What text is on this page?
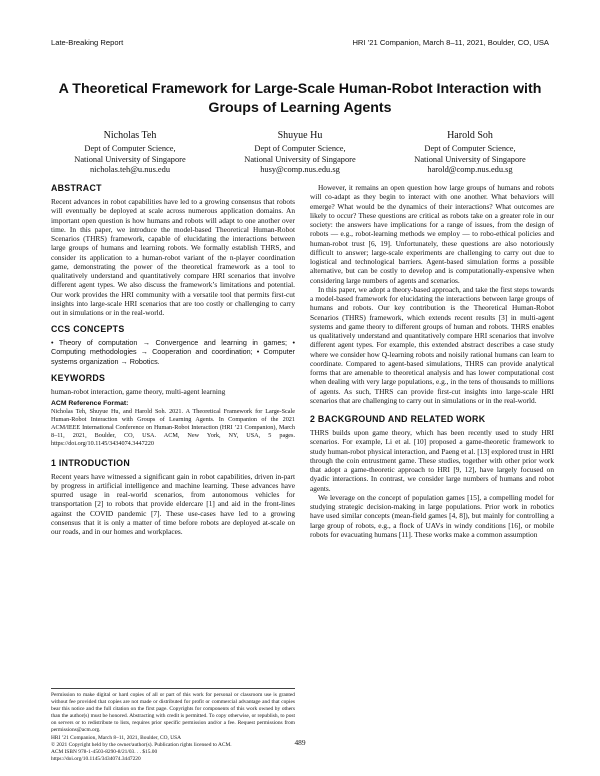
Late-Breaking Report	HRI ’21 Companion, March 8–11, 2021, Boulder, CO, USA
A Theoretical Framework for Large-Scale Human-Robot Interaction with Groups of Learning Agents
Nicholas Teh
Dept of Computer Science,
National University of Singapore
nicholas.teh@u.nus.edu
Shuyue Hu
Dept of Computer Science,
National University of Singapore
husy@comp.nus.edu.sg
Harold Soh
Dept of Computer Science,
National University of Singapore
harold@comp.nus.edu.sg
ABSTRACT

Recent advances in robot capabilities have led to a growing consensus that robots will eventually be deployed at scale across numerous application domains. An important open question is how humans and robots will adapt to one another over time. In this paper, we introduce the model-based Theoretical Human-Robot Scenarios (THRS) framework, capable of elucidating the interactions between large groups of humans and learning robots. We formally establish THRS, and consider its application to a human-robot variant of the n-player coordination game, demonstrating the power of the theoretical framework as a tool to qualitatively understand and quantitatively compare HRI scenarios that involve different agent types. We also discuss the framework’s limitations and potential. Our work provides the HRI community with a versatile tool that permits first-cut insights into large-scale HRI scenarios that are too costly or challenging to carry out in simulations or in the real-world.

CCS CONCEPTS

• Theory of computation → Convergence and learning in games; • Computing methodologies → Cooperation and coordination; • Computer systems organization → Robotics.

KEYWORDS

human-robot interaction, game theory, multi-agent learning

ACM Reference Format:

Nicholas Teh, Shuyue Hu, and Harold Soh. 2021. A Theoretical Framework for Large-Scale Human-Robot Interaction with Groups of Learning Agents. In Companion of the 2021 ACM/IEEE International Conference on Human-Robot Interaction (HRI ’21 Companion), March 8–11, 2021, Boulder, CO, USA. ACM, New York, NY, USA, 5 pages. https://doi.org/10.1145/3434074.3447220

1 INTRODUCTION

Recent years have witnessed a significant gain in robot capabilities, driven in-part by progress in artificial intelligence and machine learning. These advances have spurred usage in real-world scenarios, from autonomous vehicles for transportation [2] to robots that provide eldercare [1] and aid in the front-lines against the COVID pandemic [7]. These use-cases have led to a growing consensus that it is only a matter of time before robots are deployed at-scale on our roads, and in our homes and workplaces.

Permission to make digital or hard copies of all or part of this work for personal or classroom use is granted without fee provided that copies are not made or distributed for profit or commercial advantage and that copies bear this notice and the full citation on the first page. Copyrights for components of this work owned by others than the author(s) must be honored. Abstracting with credit is permitted. To copy otherwise, or republish, to post on servers or to redistribute to lists, requires prior specific permission and/or a fee. Request permissions from permissions@acm.org.

HRI ’21 Companion, March 8–11, 2021, Boulder, CO, USA

© 2021 Copyright held by the owner/author(s). Publication rights licensed to ACM.

ACM ISBN 978-1-4503-8290-8/21/03. . . $15.00

https://doi.org/10.1145/3434074.3447220

However, it remains an open question how large groups of humans and robots will co-adapt as they begin to interact with one another. What behaviors will emerge? What would be the dynamics of their interactions? What outcomes are likely to occur? These questions are critical as robots take on a greater role in our society: the answers have implications for a range of issues, from the design of robots — e.g., robot-learning methods we employ — to robo-ethical policies and human-robot trust [6, 19]. Unfortunately, these questions are also notoriously difficult to answer; large-scale experiments are challenging to carry out due to logistical and technological barriers. Agent-based simulation forms a possible alternative, but can be costly to develop and is computationally-expensive when considering large numbers of agents and scenarios.

In this paper, we adopt a theory-based approach, and take the first steps towards a model-based framework for elucidating the interactions between large groups of humans and robots. Our key contribution is the Theoretical Human-Robot Scenarios (THRS) framework, which extends recent results [3] in multi-agent systems and game theory to different groups of human and robots. THRS enables us qualitatively understand and quantitatively compare HRI scenarios that involve different agent types. For example, this extended abstract describes a case study where we consider how Q-learning robots and noisily rational humans can learn to coordinate. Compared to agent-based simulations, THRS can provide analytical forms that are amenable to theoretical analysis and has lower computational cost when dealing with very large populations, e.g., in the tens of thousands to millions of agents. As such, THRS can provide first-cut insights into large-scale HRI scenarios that are challenging to carry out in simulations or in the real-world.

2 BACKGROUND AND RELATED WORK

THRS builds upon game theory, which has been recently used to study HRI scenarios. For example, Li et al. [10] proposed a game-theoretic framework to study human-robot physical interaction, and Paeng et al. [13] explored trust in HRI through the coin entrustment game. These studies, together with other prior work that adopt a game-theoretic approach to HRI [9, 12], have largely focused on dyadic interactions. In contrast, we consider large numbers of humans and robot agents.

We leverage on the concept of population games [15], a compelling model for studying strategic decision-making in large populations. Prior work in robotics have used similar concepts (mean-field games [4, 8]), but mainly for controlling a large group of robots, e.g., a flock of UAVs in windy conditions [16], or mobile robots for evacuating humans [11]. These works make a common assumption

489
